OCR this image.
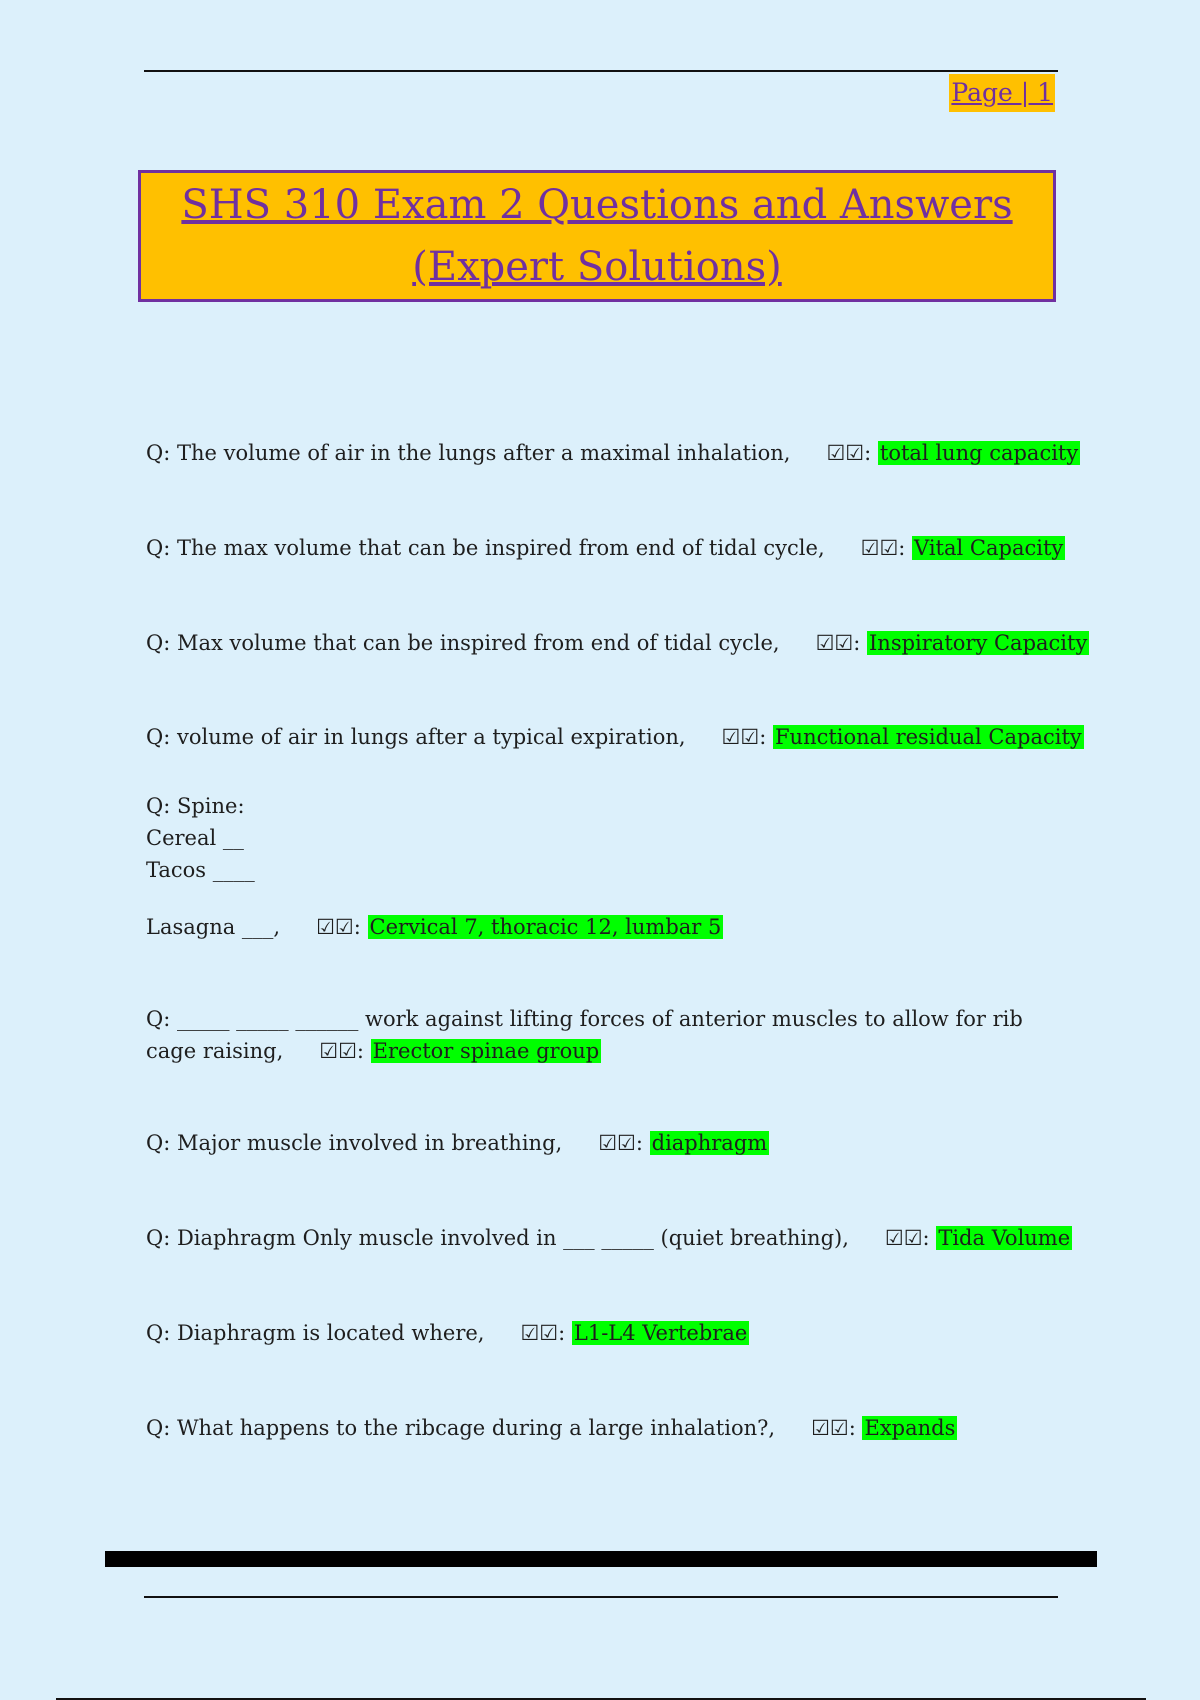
Page | 1
SHS 310 Exam 2 Questions and Answers
(Expert Solutions)
Q: The volume of air in the lungs after a maximal inhalation, ☑☑: total lung capacity
Q: The max volume that can be inspired from end of tidal cycle, ☑☑: Vital Capacity
Q: Max volume that can be inspired from end of tidal cycle, ☑☑: Inspiratory Capacity
Q: volume of air in lungs after a typical expiration, ☑☑: Functional residual Capacity
Q: Spine:
Cereal __
Tacos ____
Lasagna ___, ☑☑: Cervical 7, thoracic 12, lumbar 5
Q: _____ _____ ______ work against lifting forces of anterior muscles to allow for rib cage raising, ☑☑: Erector spinae group
Q: Major muscle involved in breathing, ☑☑: diaphragm
Q: Diaphragm Only muscle involved in ___ _____ (quiet breathing), ☑☑: Tida Volume
Q: Diaphragm is located where, ☑☑: L1-L4 Vertebrae
Q: What happens to the ribcage during a large inhalation?, ☑☑: Expands
